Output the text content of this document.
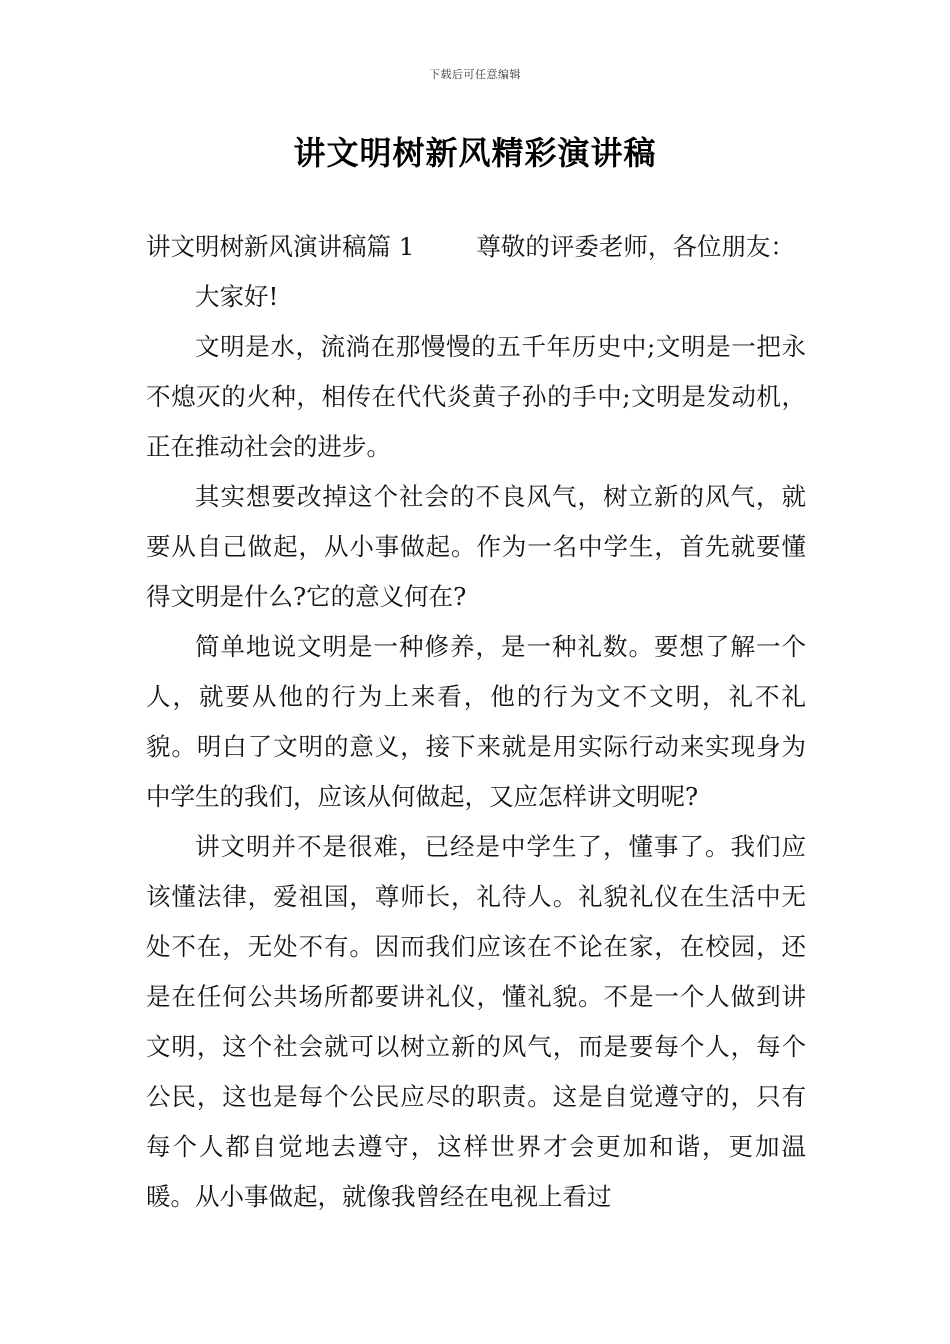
下载后可任意编辑
讲文明树新风精彩演讲稿

讲文明树新风演讲稿篇 1	尊敬的评委老师，各位朋友：

大家好!

文明是水，流淌在那慢慢的五千年历史中;文明是一把永不熄灭的火种，相传在代代炎黄子孙的手中;文明是发动机，正在推动社会的进步。

其实想要改掉这个社会的不良风气，树立新的风气，就要从自己做起，从小事做起。作为一名中学生，首先就要懂得文明是什么?它的意义何在?

简单地说文明是一种修养，是一种礼数。要想了解一个人，就要从他的行为上来看，他的行为文不文明，礼不礼貌。明白了文明的意义，接下来就是用实际行动来实现身为中学生的我们，应该从何做起，又应怎样讲文明呢?

讲文明并不是很难，已经是中学生了，懂事了。我们应该懂法律，爱祖国，尊师长，礼待人。礼貌礼仪在生活中无处不在，无处不有。因而我们应该在不论在家，在校园，还是在任何公共场所都要讲礼仪，懂礼貌。不是一个人做到讲文明，这个社会就可以树立新的风气，而是要每个人，每个公民，这也是每个公民应尽的职责。这是自觉遵守的，只有每个人都自觉地去遵守，这样世界才会更加和谐，更加温暖。从小事做起，就像我曾经在电视上看过
